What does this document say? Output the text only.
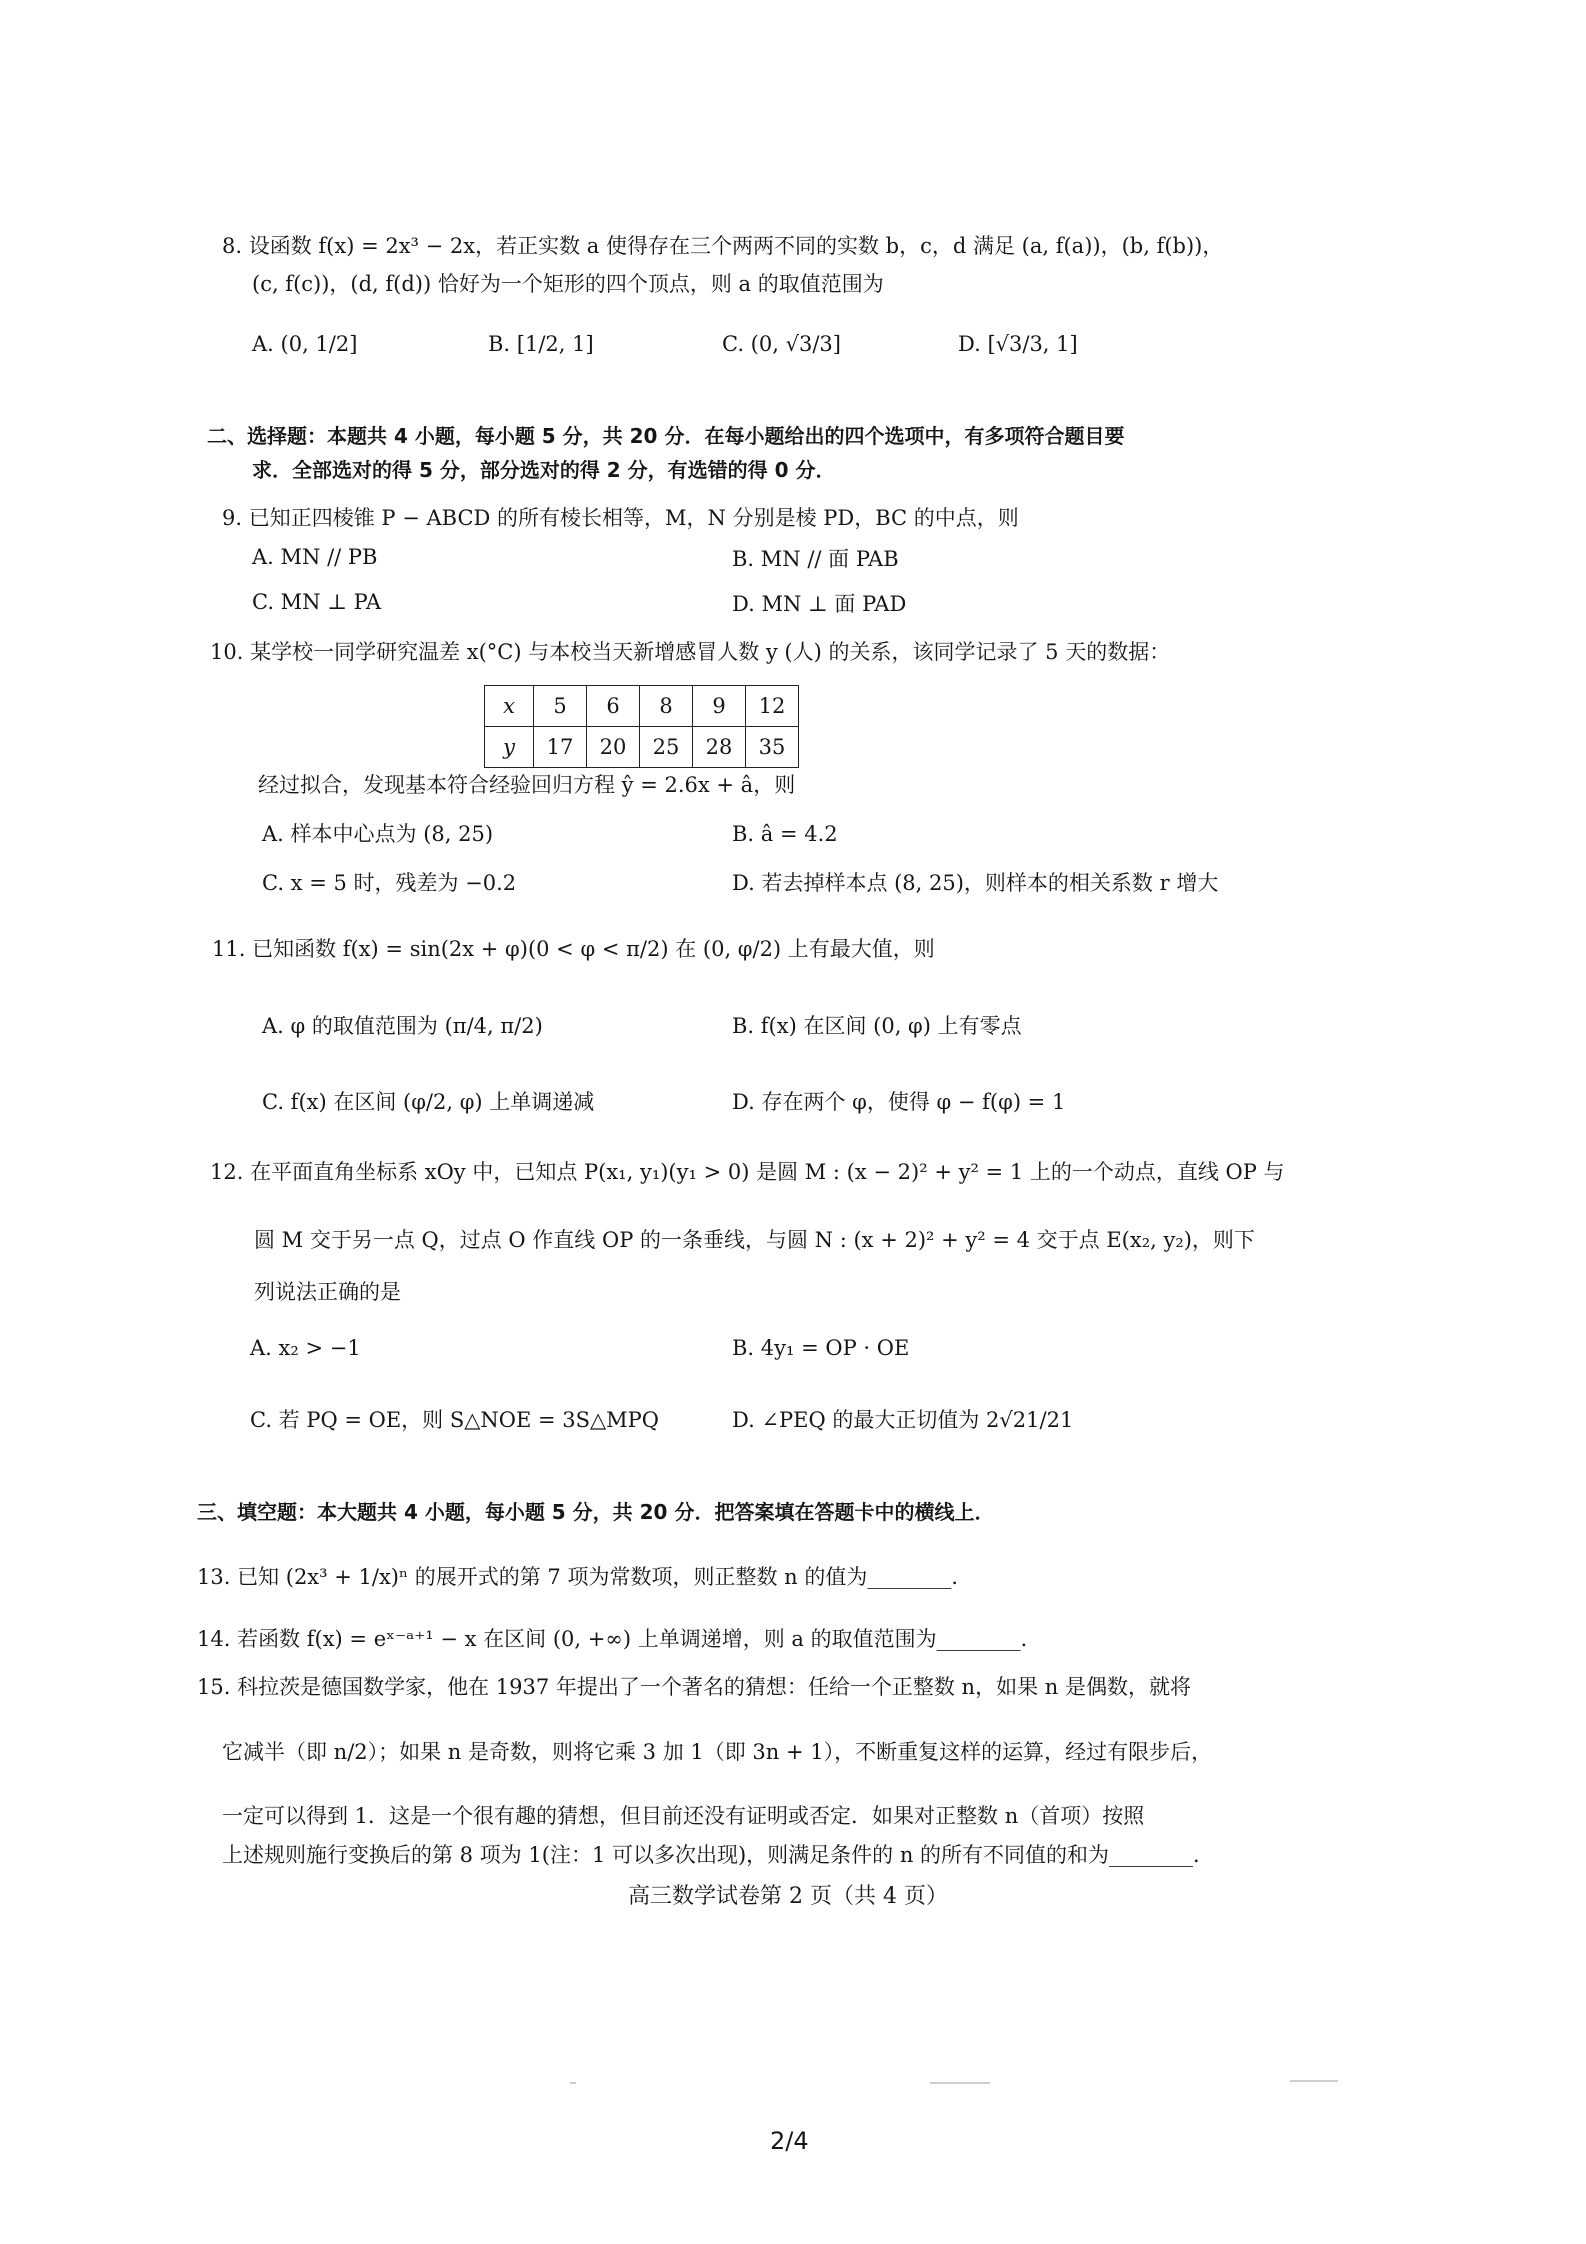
8. 设函数 f(x) = 2x³ − 2x，若正实数 a 使得存在三个两两不同的实数 b，c，d 满足 (a, f(a))，(b, f(b))，
(c, f(c))，(d, f(d)) 恰好为一个矩形的四个顶点，则 a 的取值范围为
A. (0, 1/2]	B. [1/2, 1]	C. (0, √3/3]	D. [√3/3, 1]
二、选择题：本题共 4 小题，每小题 5 分，共 20 分．在每小题给出的四个选项中，有多项符合题目要
求．全部选对的得 5 分，部分选对的得 2 分，有选错的得 0 分．
9. 已知正四棱锥 P − ABCD 的所有棱长相等，M，N 分别是棱 PD，BC 的中点，则
A. MN // PB	B. MN // 面 PAB
C. MN ⊥ PA	D. MN ⊥ 面 PAD
10. 某学校一同学研究温差 x(°C) 与本校当天新增感冒人数 y (人) 的关系，该同学记录了 5 天的数据：
x	5	6	8	9	12
y	17	20	25	28	35
经过拟合，发现基本符合经验回归方程 ŷ = 2.6x + â，则
A. 样本中心点为 (8, 25)	B. â = 4.2
C. x = 5 时，残差为 −0.2	D. 若去掉样本点 (8, 25)，则样本的相关系数 r 增大
11. 已知函数 f(x) = sin(2x + φ)(0 < φ < π/2) 在 (0, φ/2) 上有最大值，则
A. φ 的取值范围为 (π/4, π/2)	B. f(x) 在区间 (0, φ) 上有零点
C. f(x) 在区间 (φ/2, φ) 上单调递减	D. 存在两个 φ，使得 φ − f(φ) = 1
12. 在平面直角坐标系 xOy 中，已知点 P(x₁, y₁)(y₁ > 0) 是圆 M : (x − 2)² + y² = 1 上的一个动点，直线 OP 与
圆 M 交于另一点 Q，过点 O 作直线 OP 的一条垂线，与圆 N : (x + 2)² + y² = 4 交于点 E(x₂, y₂)，则下
列说法正确的是
A. x₂ > −1	B. 4y₁ = OP · OE
C. 若 PQ = OE，则 S△NOE = 3S△MPQ	D. ∠PEQ 的最大正切值为 2√21/21
三、填空题：本大题共 4 小题，每小题 5 分，共 20 分．把答案填在答题卡中的横线上．
13. 已知 (2x³ + 1/x)ⁿ 的展开式的第 7 项为常数项，则正整数 n 的值为________．
14. 若函数 f(x) = eˣ⁻ᵃ⁺¹ − x 在区间 (0, +∞) 上单调递增，则 a 的取值范围为________．
15. 科拉茨是德国数学家，他在 1937 年提出了一个著名的猜想：任给一个正整数 n，如果 n 是偶数，就将
它减半（即 n/2）；如果 n 是奇数，则将它乘 3 加 1（即 3n + 1），不断重复这样的运算，经过有限步后，
一定可以得到 1．这是一个很有趣的猜想，但目前还没有证明或否定．如果对正整数 n（首项）按照
上述规则施行变换后的第 8 项为 1(注：1 可以多次出现)，则满足条件的 n 的所有不同值的和为________．
高三数学试卷第 2 页（共 4 页）
2/4
